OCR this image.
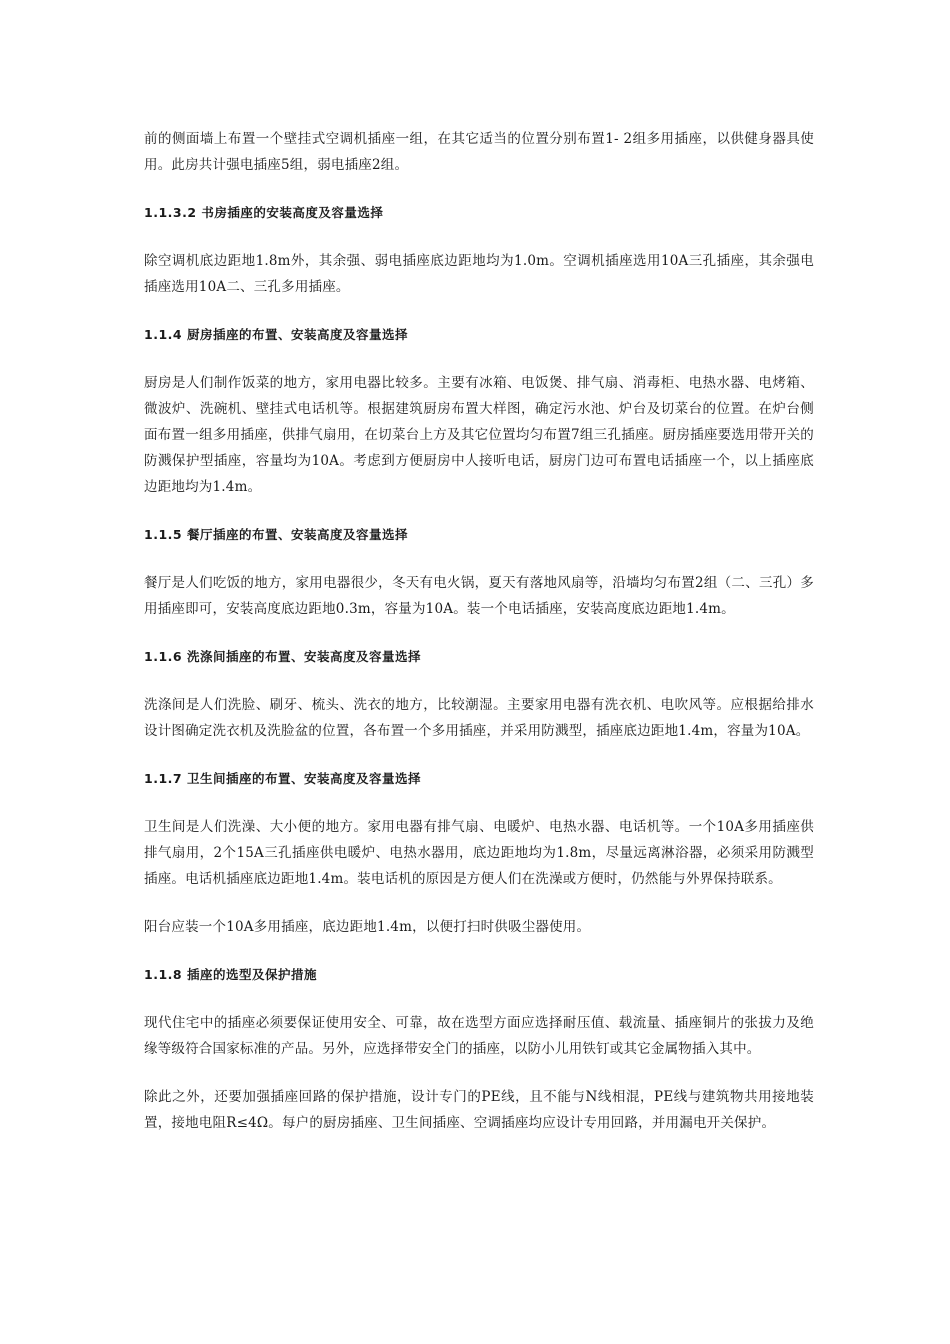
前的侧面墙上布置一个壁挂式空调机插座一组，在其它适当的位置分别布置1- 2组多用插座，以供健身器具使用。此房共计强电插座5组，弱电插座2组。

1.1.3.2 书房插座的安装高度及容量选择

除空调机底边距地1.8m外，其余强、弱电插座底边距地均为1.0m。空调机插座选用10A三孔插座，其余强电插座选用10A二、三孔多用插座。

1.1.4 厨房插座的布置、安装高度及容量选择

厨房是人们制作饭菜的地方，家用电器比较多。主要有冰箱、电饭煲、排气扇、消毒柜、电热水器、电烤箱、微波炉、洗碗机、壁挂式电话机等。根据建筑厨房布置大样图，确定污水池、炉台及切菜台的位置。在炉台侧面布置一组多用插座，供排气扇用，在切菜台上方及其它位置均匀布置7组三孔插座。厨房插座要选用带开关的防溅保护型插座，容量均为10A。考虑到方便厨房中人接听电话，厨房门边可布置电话插座一个，以上插座底边距地均为1.4m。

1.1.5 餐厅插座的布置、安装高度及容量选择

餐厅是人们吃饭的地方，家用电器很少，冬天有电火锅，夏天有落地风扇等，沿墙均匀布置2组（二、三孔）多用插座即可，安装高度底边距地0.3m，容量为10A。装一个电话插座，安装高度底边距地1.4m。

1.1.6 洗涤间插座的布置、安装高度及容量选择

洗涤间是人们洗脸、刷牙、梳头、洗衣的地方，比较潮湿。主要家用电器有洗衣机、电吹风等。应根据给排水设计图确定洗衣机及洗脸盆的位置，各布置一个多用插座，并采用防溅型，插座底边距地1.4m，容量为10A。

1.1.7 卫生间插座的布置、安装高度及容量选择

卫生间是人们洗澡、大小便的地方。家用电器有排气扇、电暖炉、电热水器、电话机等。一个10A多用插座供排气扇用，2个15A三孔插座供电暖炉、电热水器用，底边距地均为1.8m，尽量远离淋浴器，必须采用防溅型插座。电话机插座底边距地1.4m。装电话机的原因是方便人们在洗澡或方便时，仍然能与外界保持联系。

阳台应装一个10A多用插座，底边距地1.4m，以便打扫时供吸尘器使用。

1.1.8 插座的选型及保护措施

现代住宅中的插座必须要保证使用安全、可靠，故在选型方面应选择耐压值、载流量、插座铜片的张拔力及绝缘等级符合国家标准的产品。另外，应选择带安全门的插座，以防小儿用铁钉或其它金属物插入其中。

除此之外，还要加强插座回路的保护措施，设计专门的PE线，且不能与N线相混，PE线与建筑物共用接地装置，接地电阻R≤4Ω。每户的厨房插座、卫生间插座、空调插座均应设计专用回路，并用漏电开关保护。
